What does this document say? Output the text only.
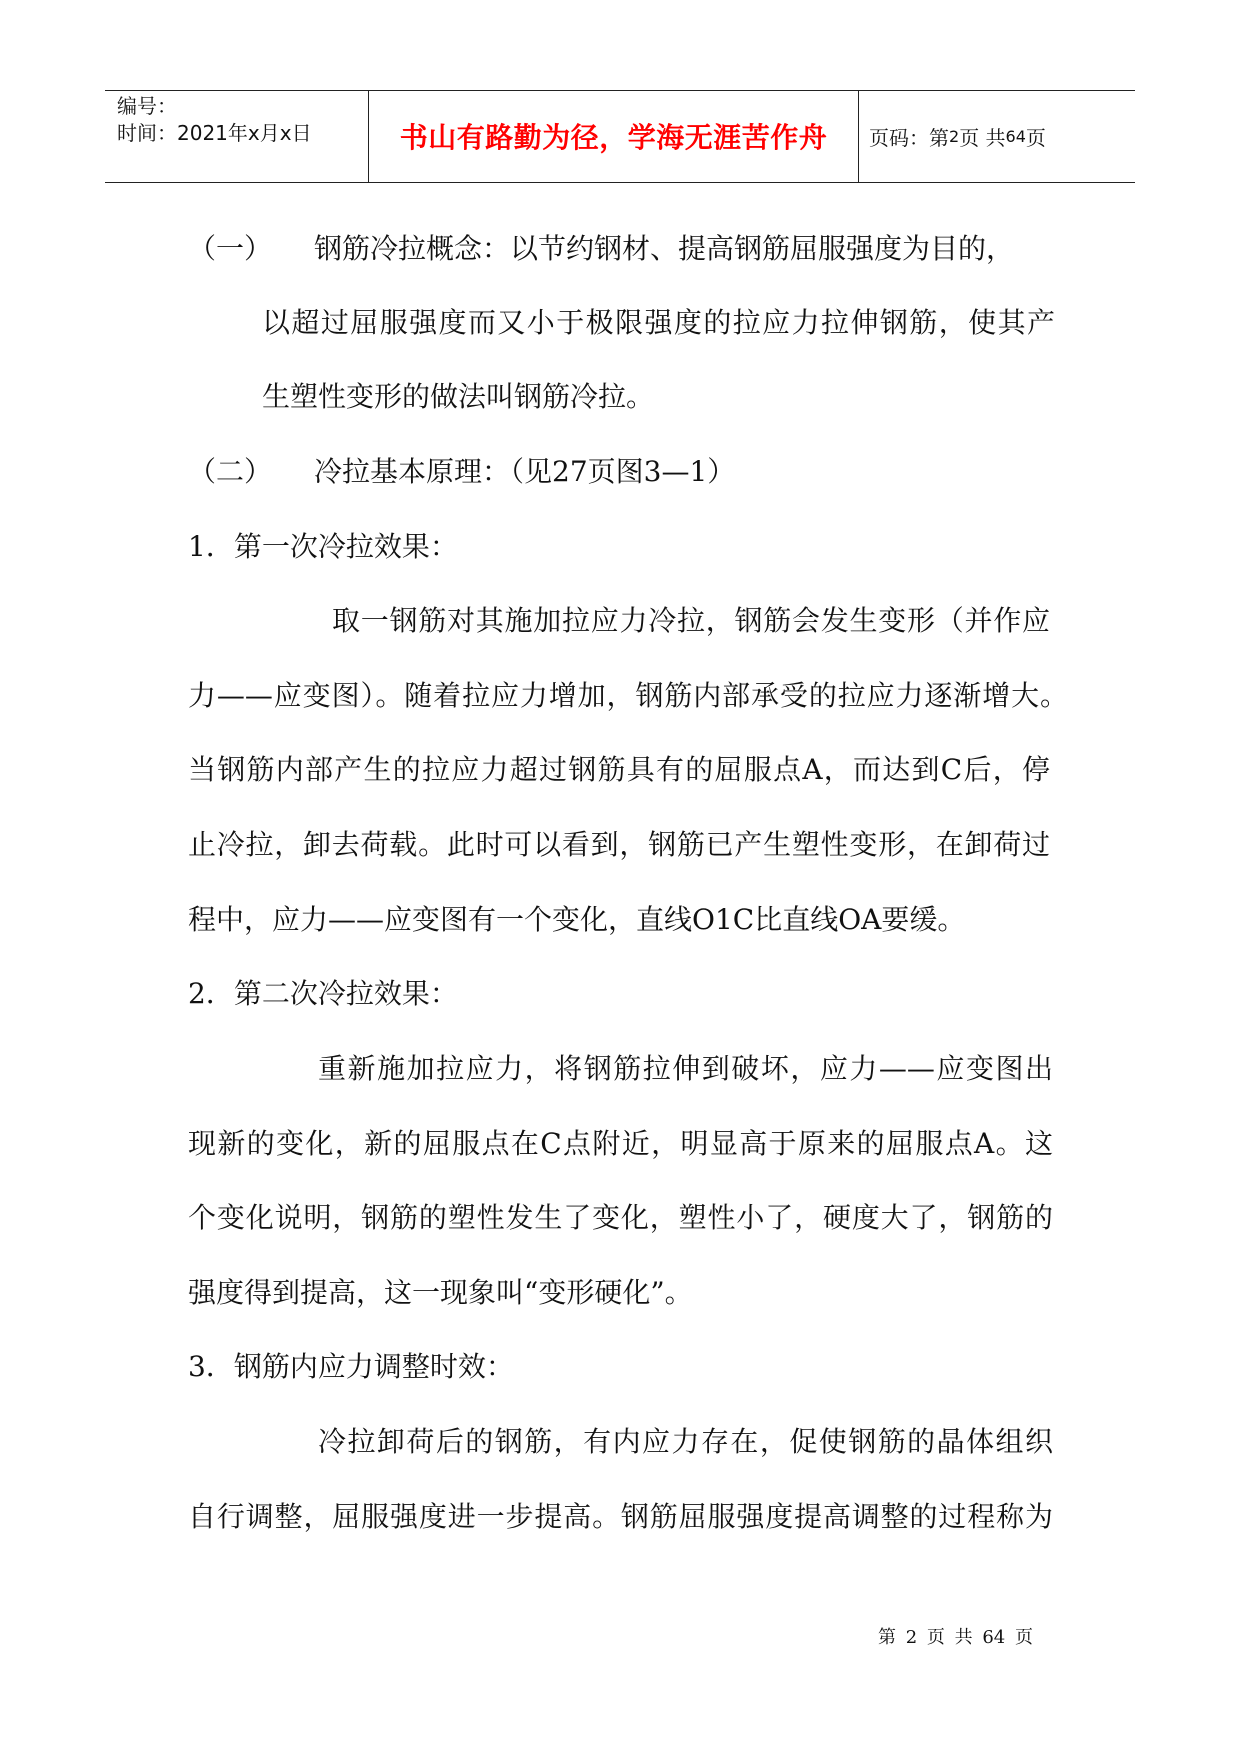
编号：
时间：2021年x月x日	书山有路勤为径，学海无涯苦作舟	页码：第 2 页 共 64 页
（一）　　钢筋冷拉概念：以节约钢材、提高钢筋屈服强度为目的，
以超过屈服强度而又小于极限强度的拉应力拉伸钢筋，使其产
生塑性变形的做法叫钢筋冷拉。
（二）　　冷拉基本原理：（见27页图3—1）
1．第一次冷拉效果：
取一钢筋对其施加拉应力冷拉，钢筋会发生变形（并作应
力——应变图）。随着拉应力增加，钢筋内部承受的拉应力逐渐增大。
当钢筋内部产生的拉应力超过钢筋具有的屈服点A，而达到C后，停
止冷拉，卸去荷载。此时可以看到，钢筋已产生塑性变形，在卸荷过
程中，应力——应变图有一个变化，直线O1C比直线OA要缓。
2．第二次冷拉效果：
重新施加拉应力，将钢筋拉伸到破坏，应力——应变图出
现新的变化，新的屈服点在C点附近，明显高于原来的屈服点A。这
个变化说明，钢筋的塑性发生了变化，塑性小了，硬度大了，钢筋的
强度得到提高，这一现象叫“变形硬化”。
3．钢筋内应力调整时效：
冷拉卸荷后的钢筋，有内应力存在，促使钢筋的晶体组织
自行调整，屈服强度进一步提高。钢筋屈服强度提高调整的过程称为
第 2 页 共 64 页
